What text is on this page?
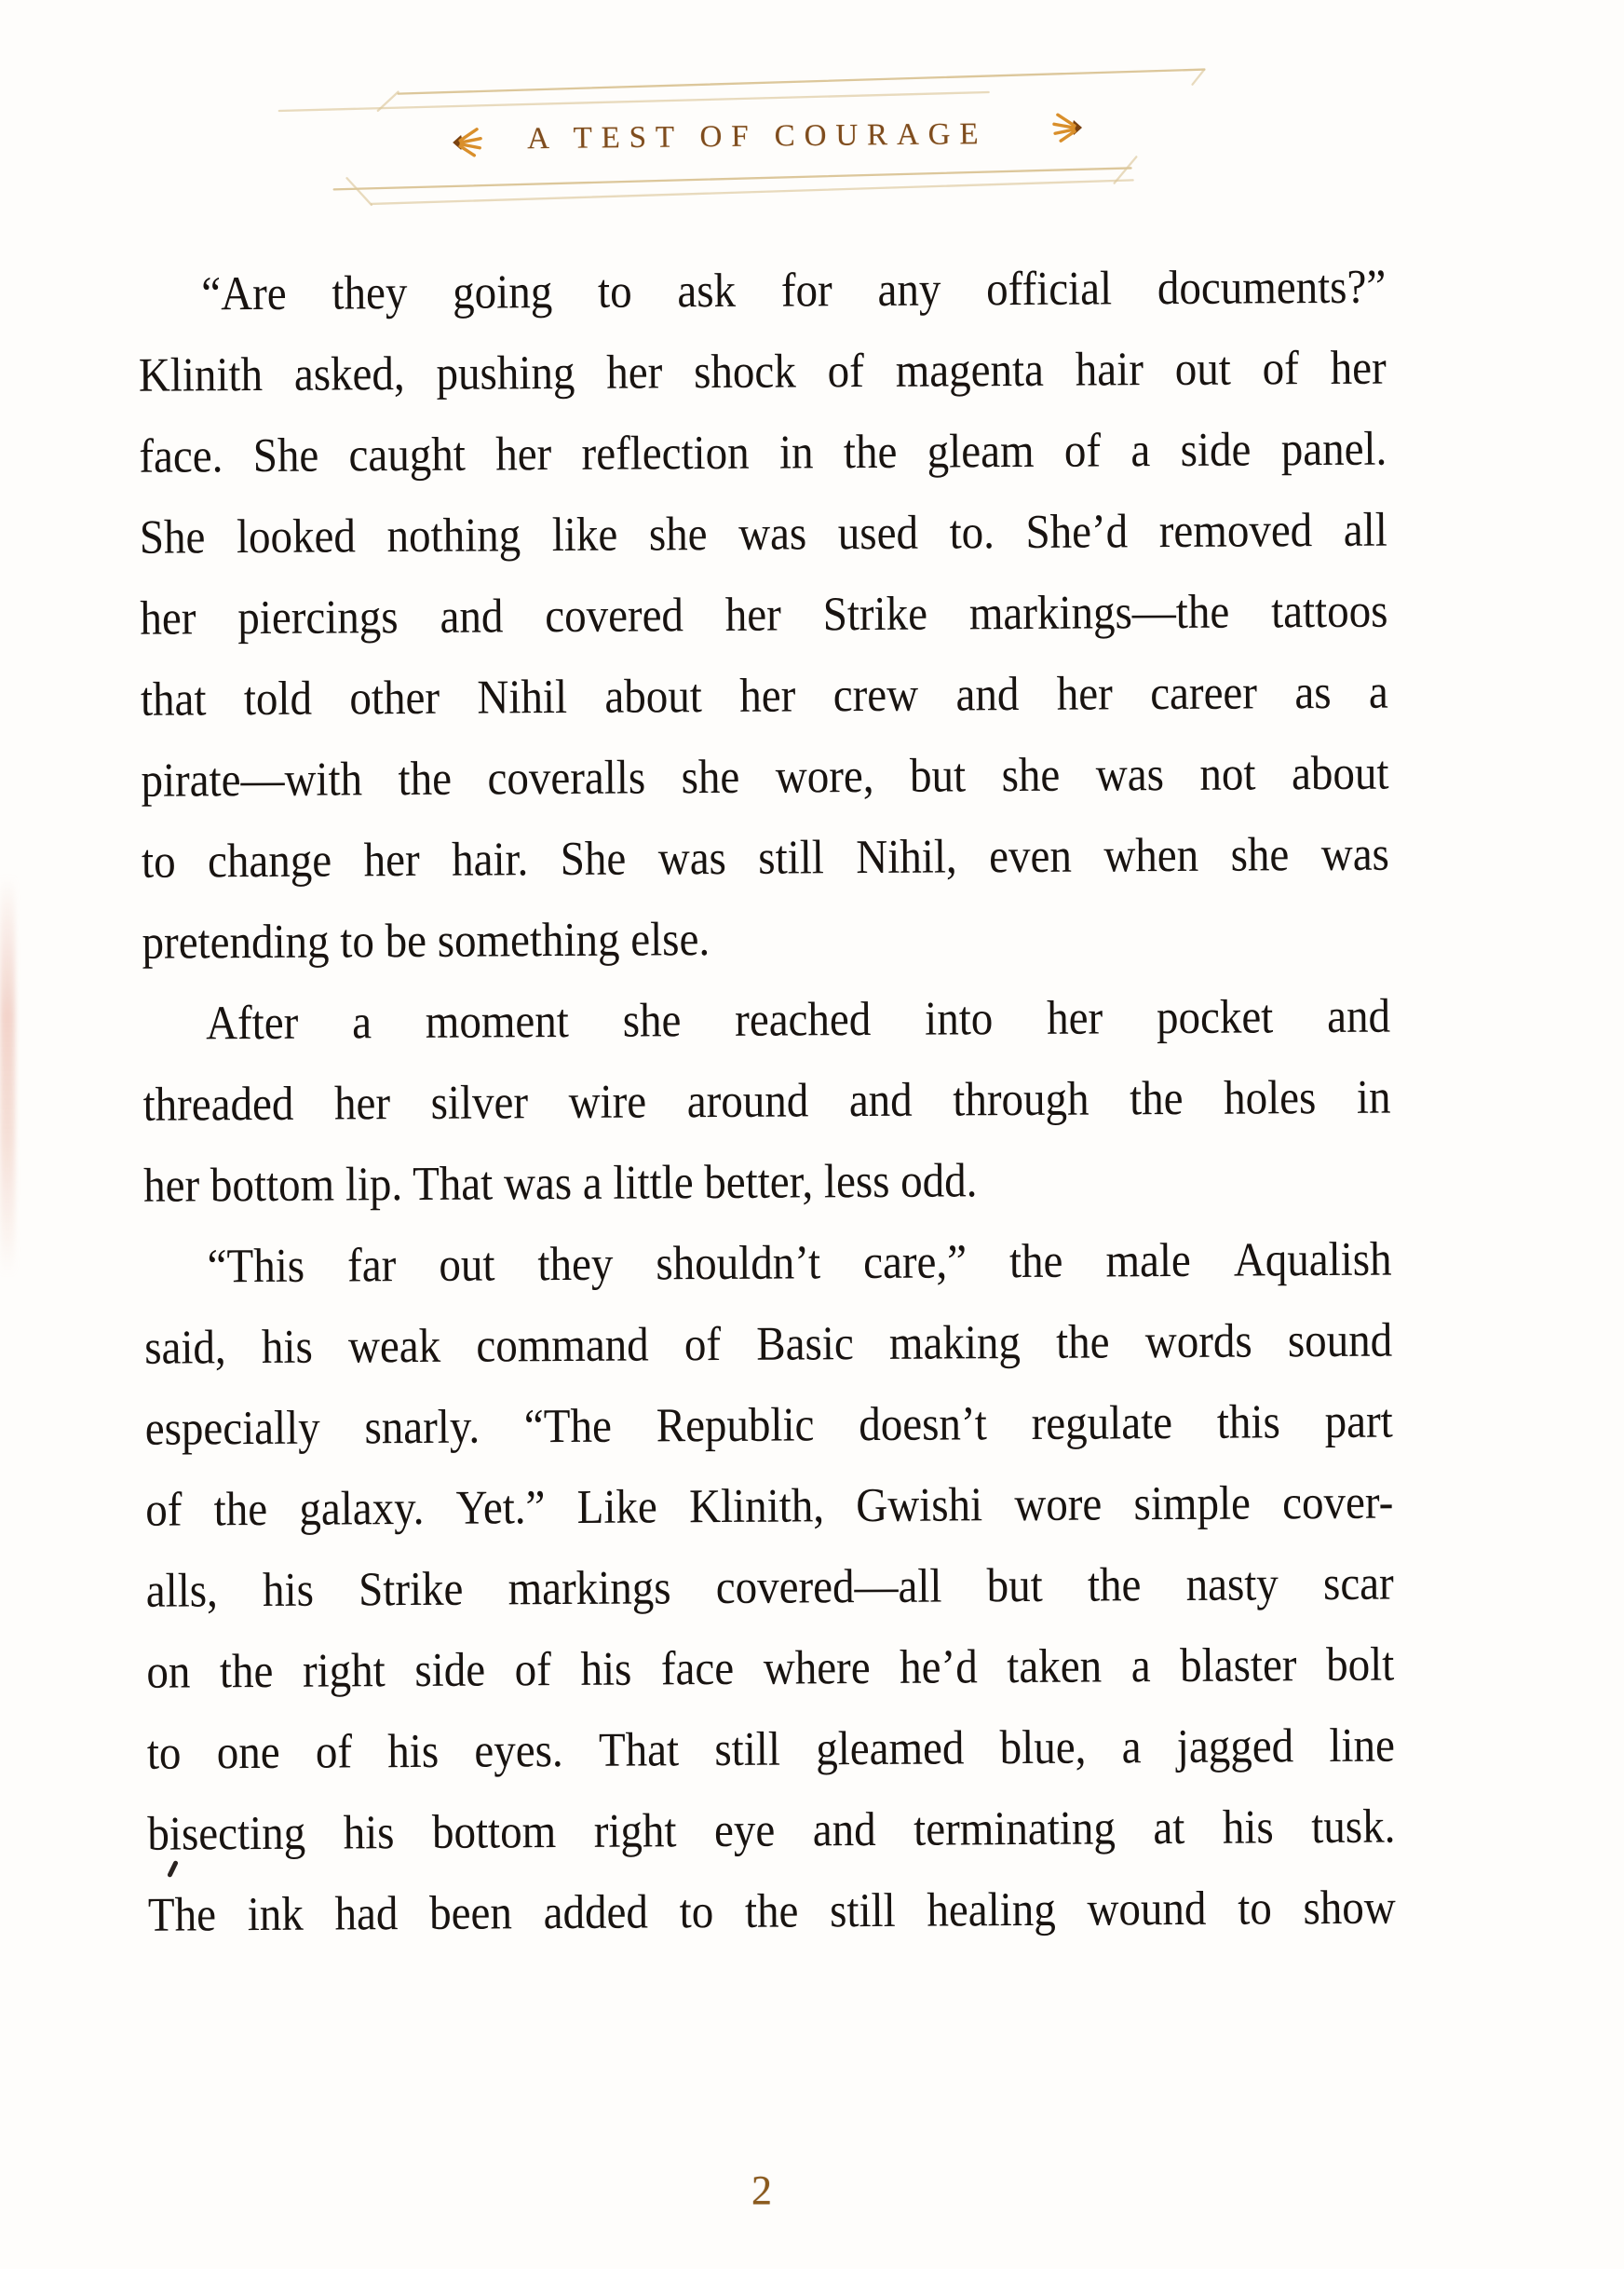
A TEST OF COURAGE
“Are they going to ask for any official documents?”
Klinith asked, pushing her shock of magenta hair out of her
face. She caught her reflection in the gleam of a side panel.
She looked nothing like she was used to. She’d removed all
her piercings and covered her Strike markings—the tattoos
that told other Nihil about her crew and her career as a
pirate—with the coveralls she wore, but she was not about
to change her hair. She was still Nihil, even when she was
pretending to be something else.
After a moment she reached into her pocket and
threaded her silver wire around and through the holes in
her bottom lip. That was a little better, less odd.
“This far out they shouldn’t care,” the male Aqualish
said, his weak command of Basic making the words sound
especially snarly. “The Republic doesn’t regulate this part
of the galaxy. Yet.” Like Klinith, Gwishi wore simple cover-
alls, his Strike markings covered—all but the nasty scar
on the right side of his face where he’d taken a blaster bolt
to one of his eyes. That still gleamed blue, a jagged line
bisecting his bottom right eye and terminating at his tusk.
The ink had been added to the still healing wound to show
2
